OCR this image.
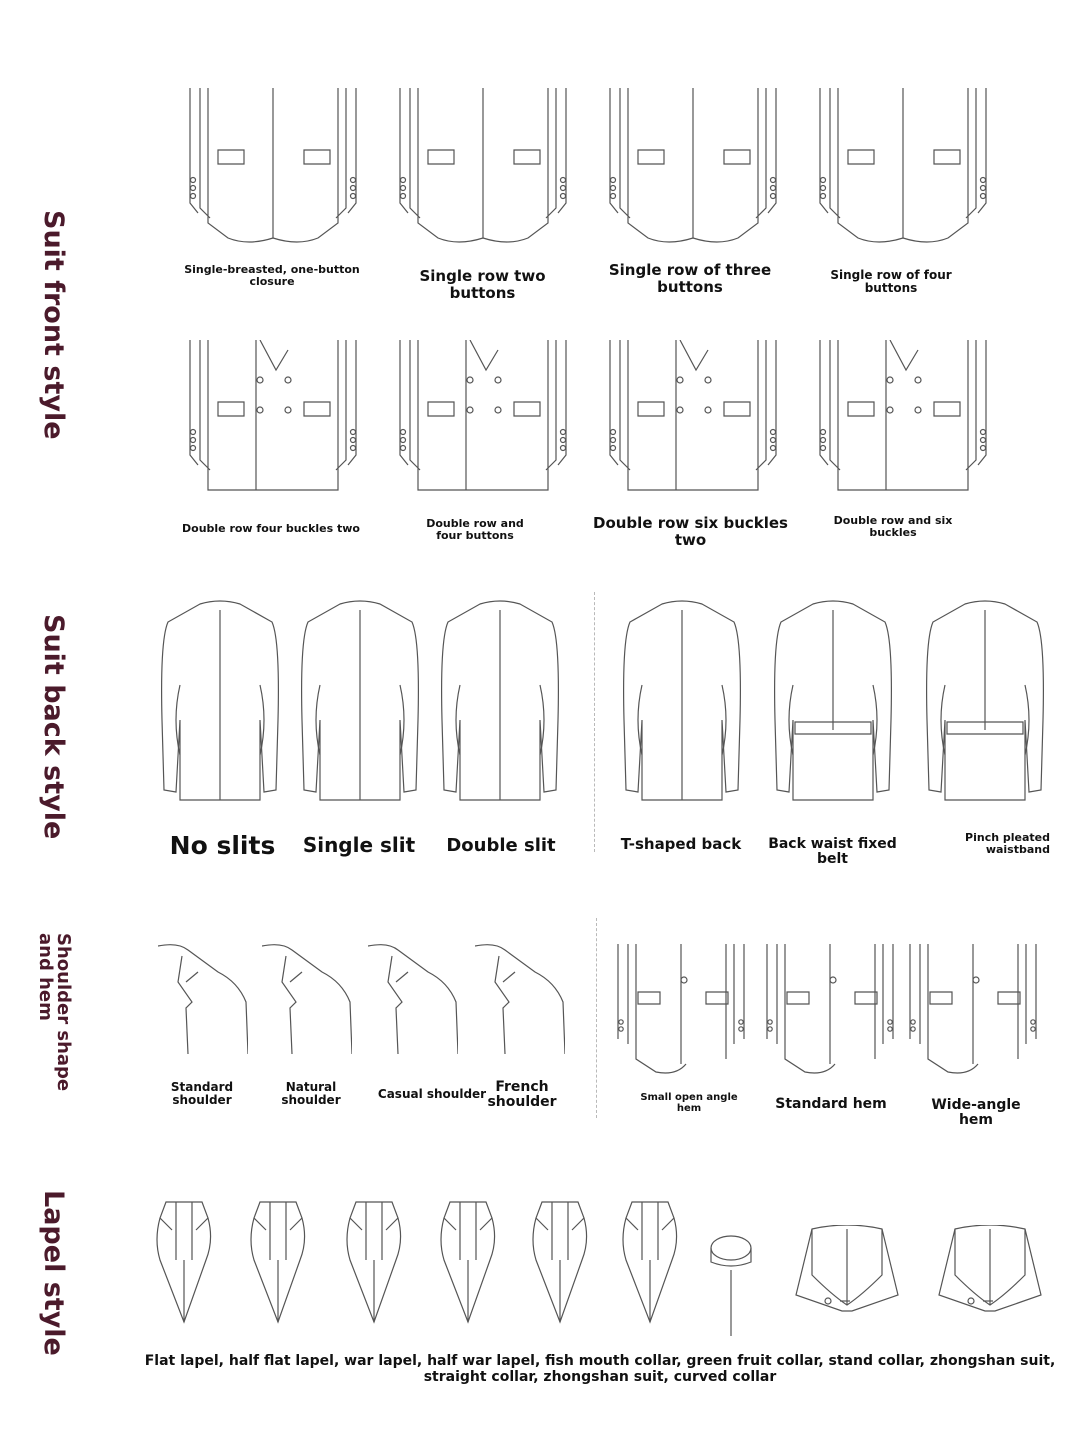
Suit front style	Single-breasted, one-button closure	Single row two buttons
Single row of three buttons
Single row of four buttons
Double row four buckles two	Double row and four buttons
Double row six buckles two
Double row and six buckles
Suit back style
No slits	Single slit	Double slit	T-shaped back	Back waist fixed belt
Pinch pleated waistband
Shoulder shape
and hem
Standard shoulder
Natural shoulder	Casual shoulder French shoulder	Small open angle hem	Standard hem	Wide-angle hem
Lapel style
Flat lapel, half flat lapel, war lapel, half war lapel, fish mouth collar, green fruit collar, stand collar, zhongshan suit, straight collar, zhongshan suit, curved collar
